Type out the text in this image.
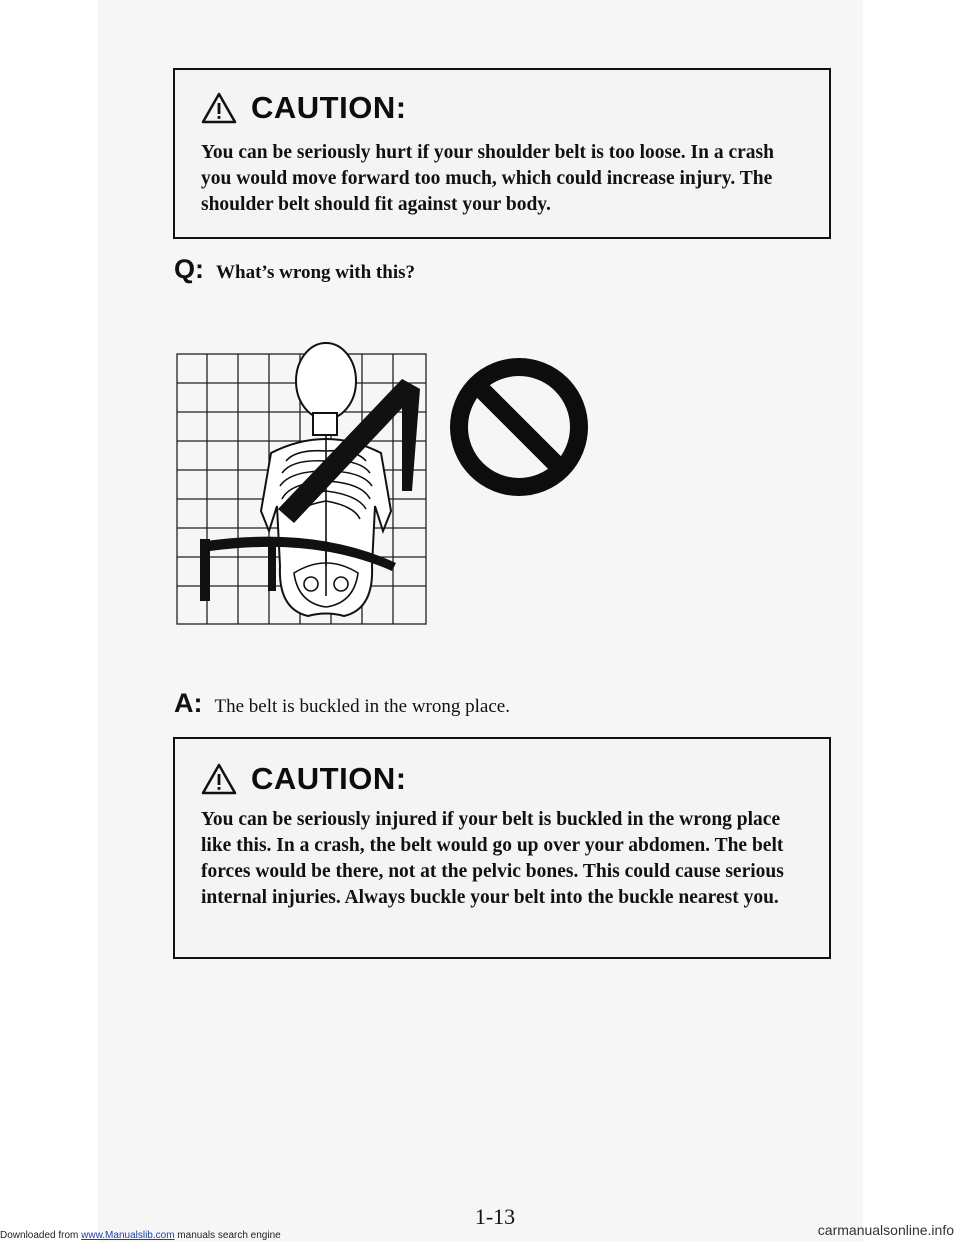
CAUTION:
You can be seriously hurt if your shoulder belt is too loose. In a crash you would move forward too much, which could increase injury. The shoulder belt should fit against your body.
Q: What’s wrong with this?
A: The belt is buckled in the wrong place.
CAUTION:
You can be seriously injured if your belt is buckled in the wrong place like this. In a crash, the belt would go up over your abdomen. The belt forces would be there, not at the pelvic bones. This could cause serious internal injuries. Always buckle your belt into the buckle nearest you.
1-13
Downloaded from www.Manualslib.com manuals search engine	carmanualsonline.info
